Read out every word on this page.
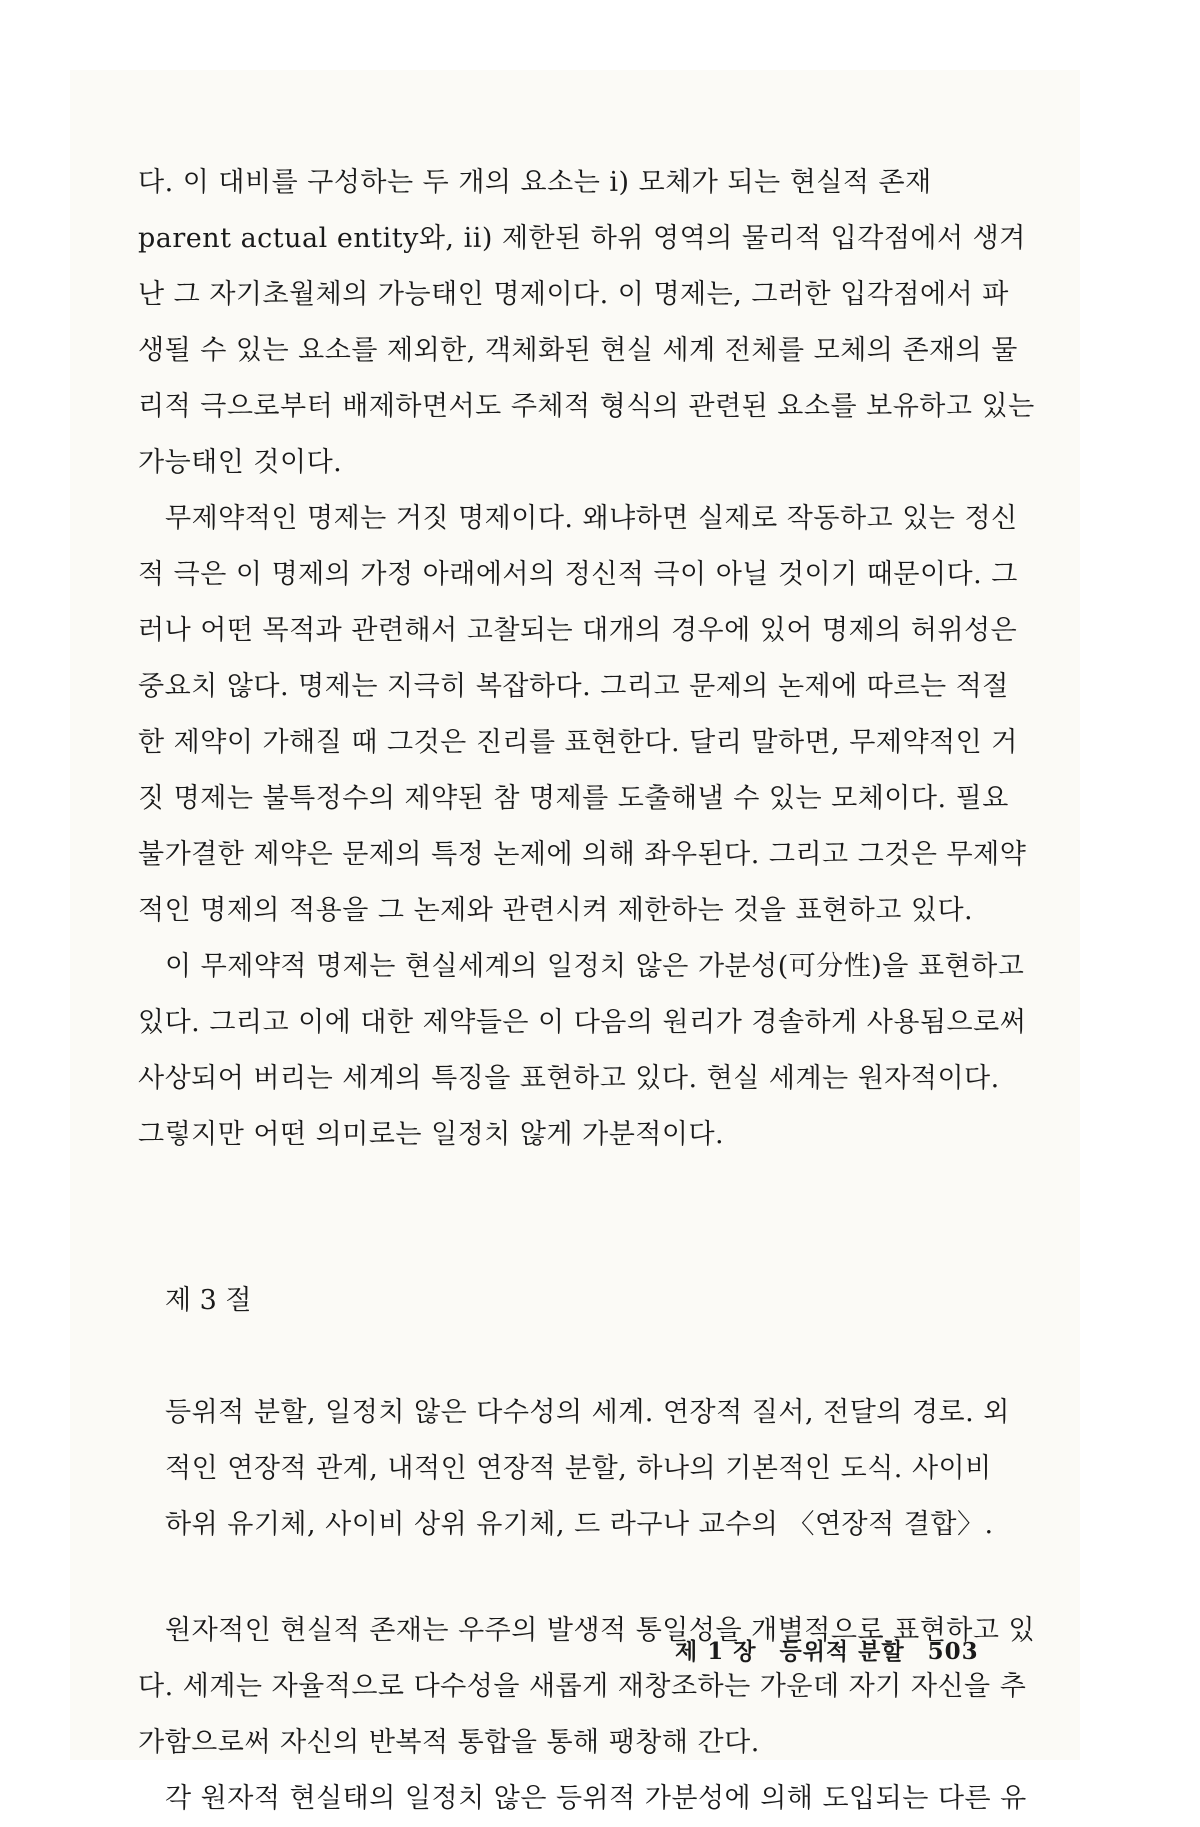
다. 이 대비를 구성하는 두 개의 요소는 i) 모체가 되는 현실적 존재
parent actual entity와, ii) 제한된 하위 영역의 물리적 입각점에서 생겨
난 그 자기초월체의 가능태인 명제이다. 이 명제는, 그러한 입각점에서 파
생될 수 있는 요소를 제외한, 객체화된 현실 세계 전체를 모체의 존재의 물
리적 극으로부터 배제하면서도 주체적 형식의 관련된 요소를 보유하고 있는
가능태인 것이다.
무제약적인 명제는 거짓 명제이다. 왜냐하면 실제로 작동하고 있는 정신
적 극은 이 명제의 가정 아래에서의 정신적 극이 아닐 것이기 때문이다. 그
러나 어떤 목적과 관련해서 고찰되는 대개의 경우에 있어 명제의 허위성은
중요치 않다. 명제는 지극히 복잡하다. 그리고 문제의 논제에 따르는 적절
한 제약이 가해질 때 그것은 진리를 표현한다. 달리 말하면, 무제약적인 거
짓 명제는 불특정수의 제약된 참 명제를 도출해낼 수 있는 모체이다. 필요
불가결한 제약은 문제의 특정 논제에 의해 좌우된다. 그리고 그것은 무제약
적인 명제의 적용을 그 논제와 관련시켜 제한하는 것을 표현하고 있다.
이 무제약적 명제는 현실세계의 일정치 않은 가분성(可分性)을 표현하고
있다. 그리고 이에 대한 제약들은 이 다음의 원리가 경솔하게 사용됨으로써
사상되어 버리는 세계의 특징을 표현하고 있다. 현실 세계는 원자적이다.
그렇지만 어떤 의미로는 일정치 않게 가분적이다.
제 3 절
등위적 분할, 일정치 않은 다수성의 세계. 연장적 질서, 전달의 경로. 외
적인 연장적 관계, 내적인 연장적 분할, 하나의 기본적인 도식. 사이비
하위 유기체, 사이비 상위 유기체, 드 라구나 교수의 〈연장적 결합〉.
원자적인 현실적 존재는 우주의 발생적 통일성을 개별적으로 표현하고 있
다. 세계는 자율적으로 다수성을 새롭게 재창조하는 가운데 자기 자신을 추
가함으로써 자신의 반복적 통합을 통해 팽창해 간다.
각 원자적 현실태의 일정치 않은 등위적 가분성에 의해 도입되는 다른 유
제 1 장 등위적 분할 503
